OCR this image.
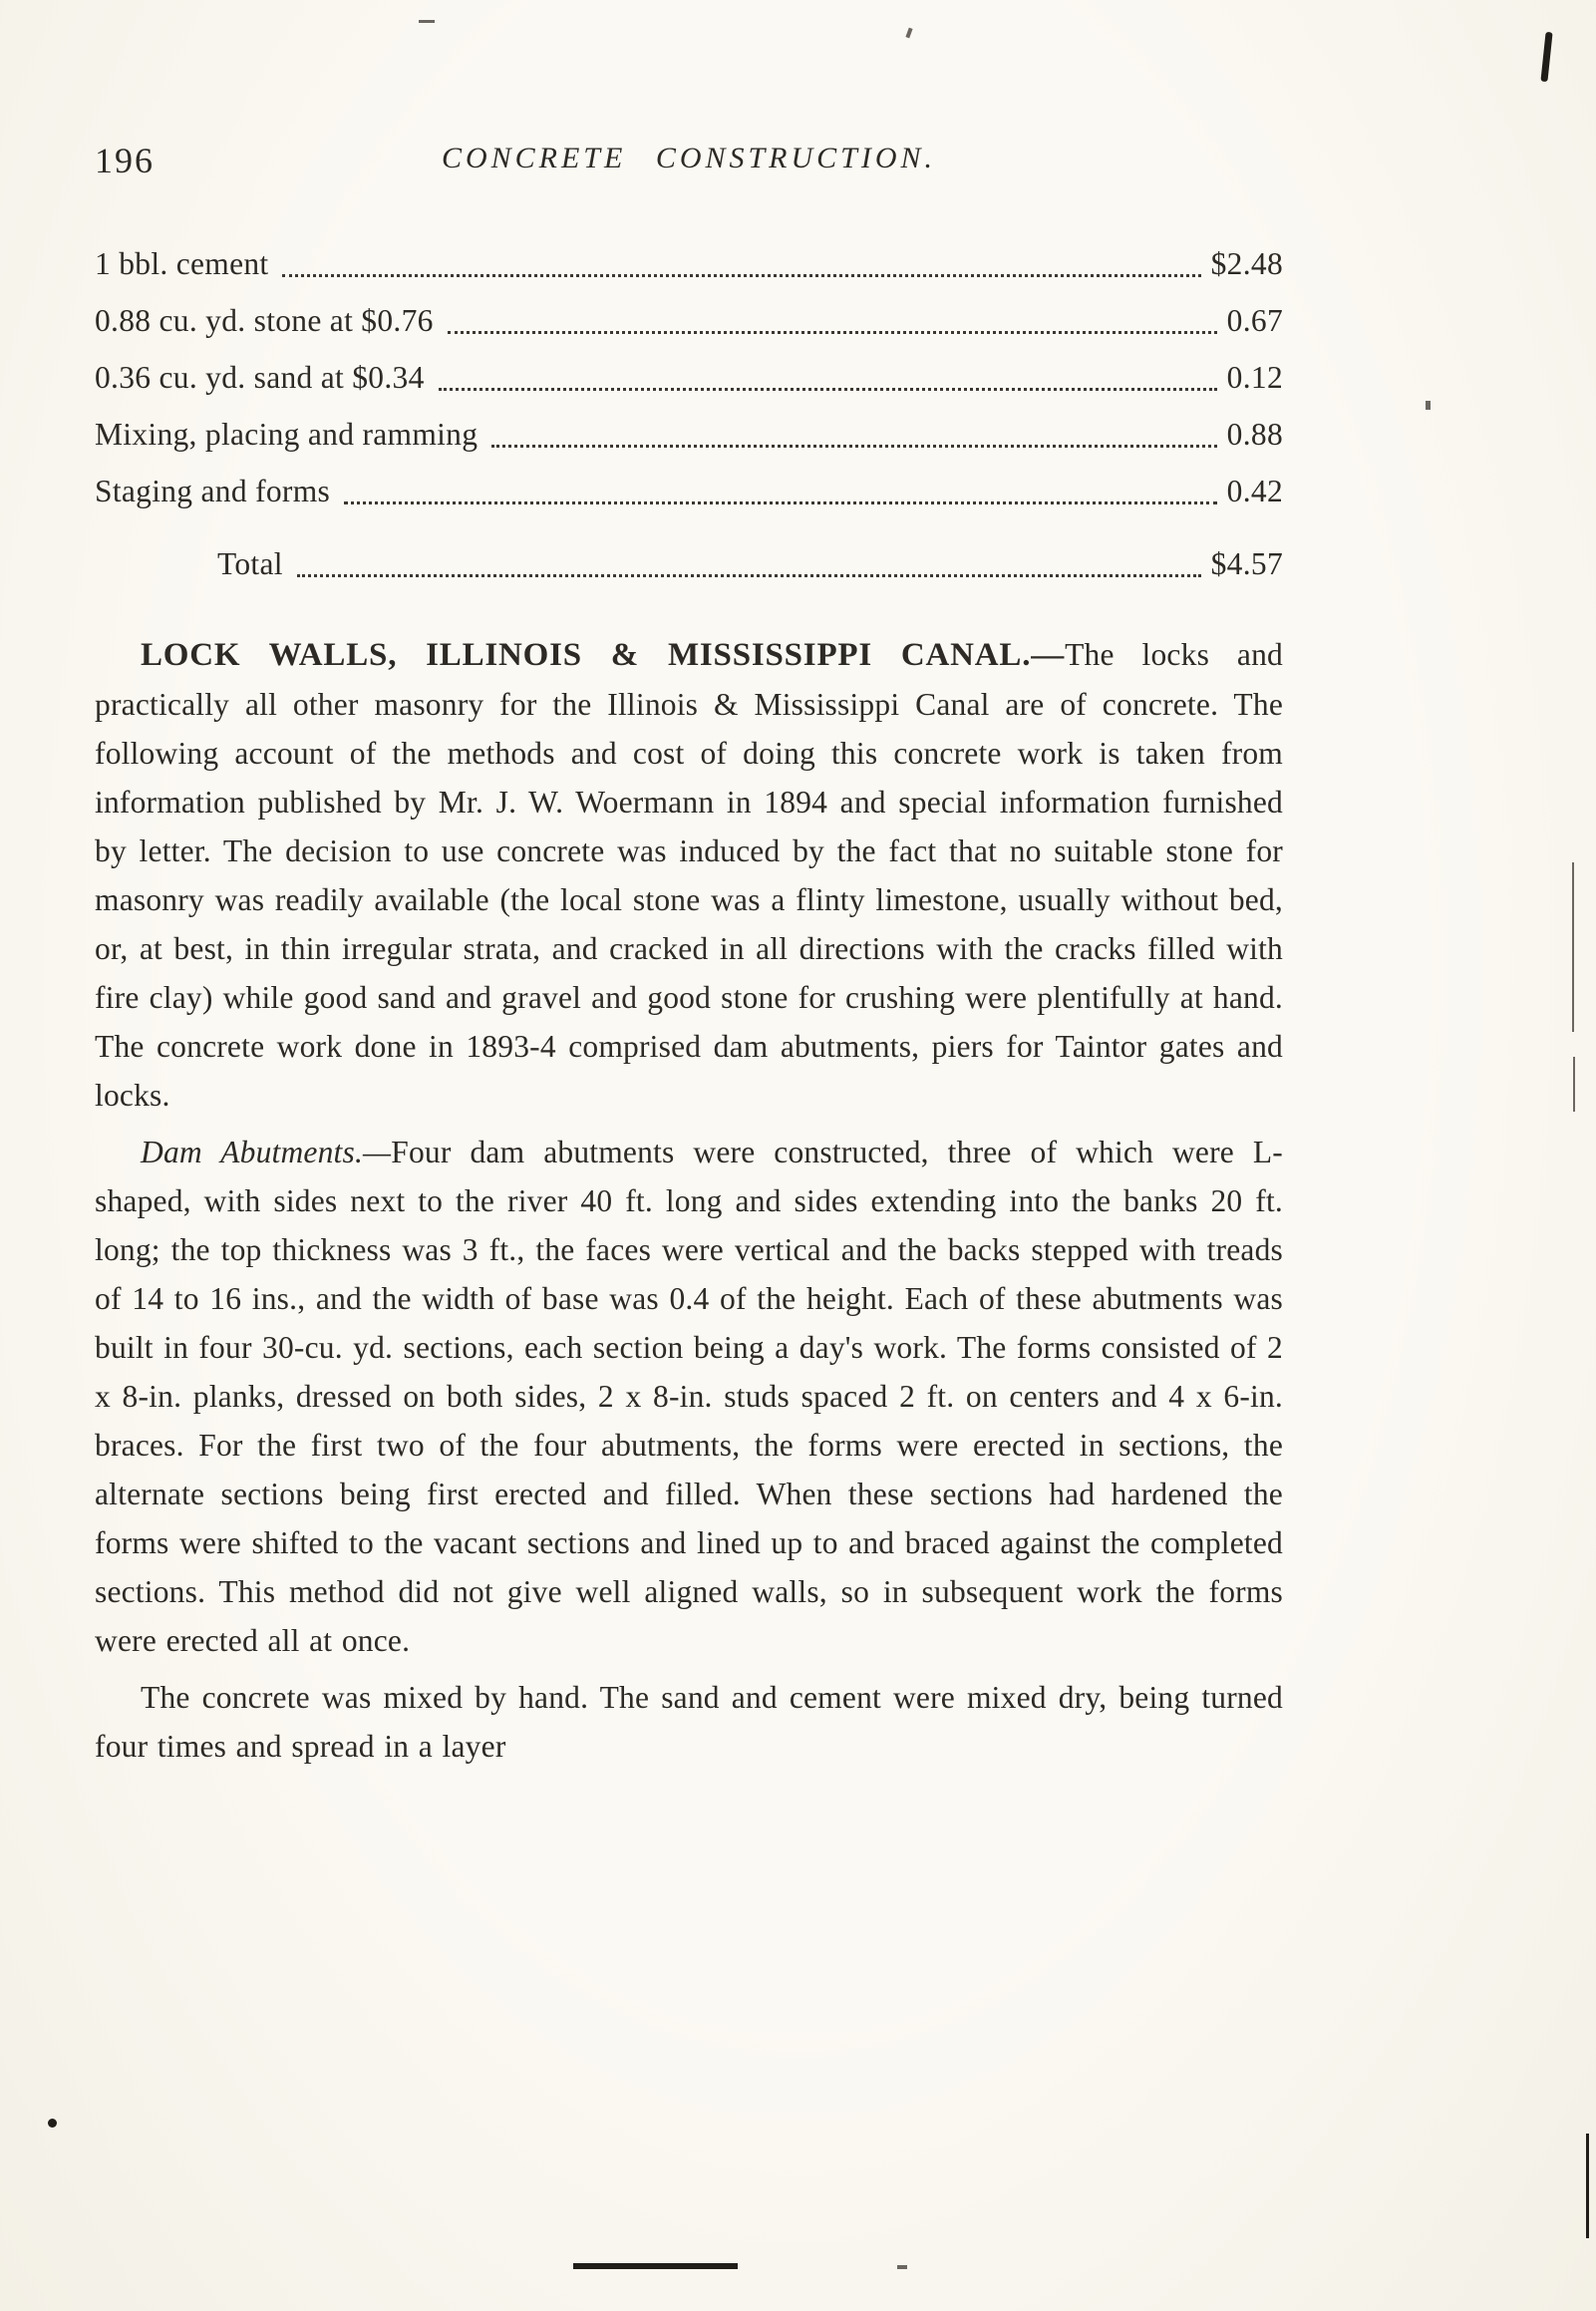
196	CONCRETE CONSTRUCTION.
1 bbl. cement	$2.48
0.88 cu. yd. stone at $0.76	0.67
0.36 cu. yd. sand at $0.34	0.12
Mixing, placing and ramming	0.88
Staging and forms	0.42
Total	$4.57

LOCK WALLS, ILLINOIS & MISSISSIPPI CANAL.—The locks and practically all other masonry for the Illinois & Mississippi Canal are of concrete. The following account of the methods and cost of doing this concrete work is taken from information published by Mr. J. W. Woermann in 1894 and special information furnished by letter. The decision to use concrete was induced by the fact that no suitable stone for masonry was readily available (the local stone was a flinty limestone, usually without bed, or, at best, in thin irregular strata, and cracked in all directions with the cracks filled with fire clay) while good sand and gravel and good stone for crushing were plentifully at hand. The concrete work done in 1893-4 comprised dam abutments, piers for Taintor gates and locks.

Dam Abutments.—Four dam abutments were constructed, three of which were L-shaped, with sides next to the river 40 ft. long and sides extending into the banks 20 ft. long; the top thickness was 3 ft., the faces were vertical and the backs stepped with treads of 14 to 16 ins., and the width of base was 0.4 of the height. Each of these abutments was built in four 30-cu. yd. sections, each section being a day's work. The forms consisted of 2 x 8-in. planks, dressed on both sides, 2 x 8-in. studs spaced 2 ft. on centers and 4 x 6-in. braces. For the first two of the four abutments, the forms were erected in sections, the alternate sections being first erected and filled. When these sections had hardened the forms were shifted to the vacant sections and lined up to and braced against the completed sections. This method did not give well aligned walls, so in subsequent work the forms were erected all at once.

The concrete was mixed by hand. The sand and cement were mixed dry, being turned four times and spread in a layer
